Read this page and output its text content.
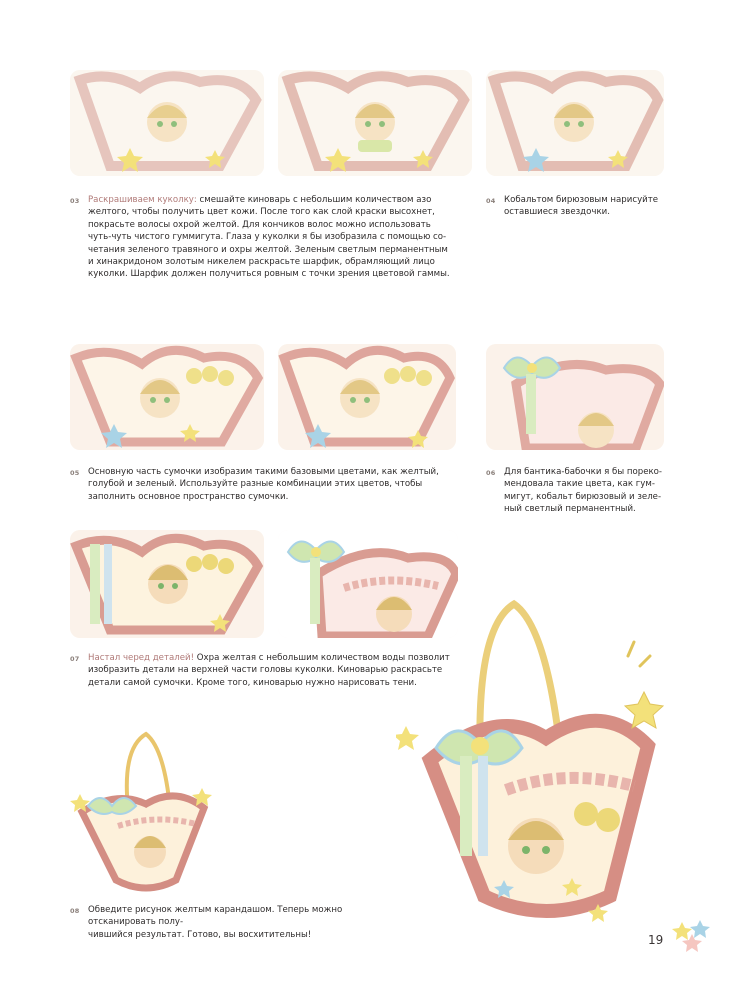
03 Раскрашиваем куколку: смешайте киноварь с небольшим количеством азо
желтого, чтобы получить цвет кожи. После того как слой краски высохнет,
покрасьте волосы охрой желтой. Для кончиков волос можно использовать
чуть-чуть чистого гуммигута. Глаза у куколки я бы изобразила с помощью со-
четания зеленого травяного и охры желтой. Зеленым светлым перманентным
и хинакридоном золотым никелем раскрасьте шарфик, обрамляющий лицо
куколки. Шарфик должен получиться ровным с точки зрения цветовой гаммы.
04 Кобальтом бирюзовым нарисуйте
оставшиеся звездочки.
05 Основную часть сумочки изобразим такими базовыми цветами, как желтый,
голубой и зеленый. Используйте разные комбинации этих цветов, чтобы
заполнить основное пространство сумочки.
06 Для бантика-бабочки я бы пореко-
мендовала такие цвета, как гум-
мигут, кобальт бирюзовый и зеле-
ный светлый перманентный.
07 Настал черед деталей! Охра желтая с небольшим количеством воды позволит
изобразить детали на верхней части головы куколки. Киноварью раскрасьте
детали самой сумочки. Кроме того, киноварью нужно нарисовать тени.
08 Обведите рисунок желтым карандашом. Теперь можно отсканировать полу-
чившийся результат. Готово, вы восхитительны!	19
